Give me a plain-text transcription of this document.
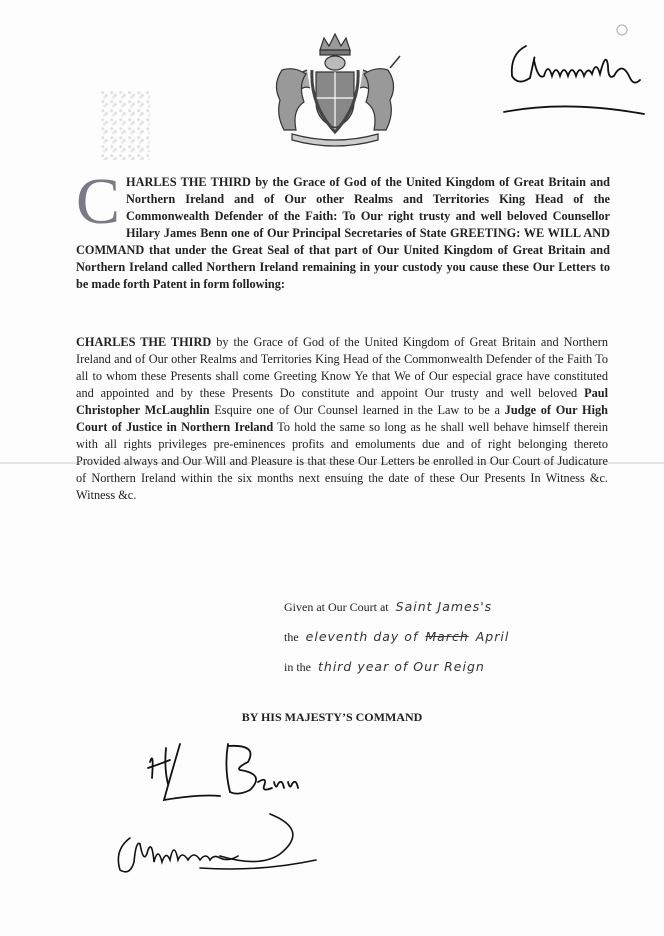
CHARLES THE THIRD by the Grace of God of the United Kingdom of Great Britain and Northern Ireland and of Our other Realms and Territories King Head of the Commonwealth Defender of the Faith: To Our right trusty and well beloved Counsellor Hilary James Benn one of Our Principal Secretaries of State GREETING: WE WILL AND COMMAND that under the Great Seal of that part of Our United Kingdom of Great Britain and Northern Ireland called Northern Ireland remaining in your custody you cause these Our Letters to be made forth Patent in form following:
CHARLES THE THIRD by the Grace of God of the United Kingdom of Great Britain and Northern Ireland and of Our other Realms and Territories King Head of the Commonwealth Defender of the Faith To all to whom these Presents shall come Greeting Know Ye that We of Our especial grace have constituted and appointed and by these Presents Do constitute and appoint Our trusty and well beloved Paul Christopher McLaughlin Esquire one of Our Counsel learned in the Law to be a Judge of Our High Court of Justice in Northern Ireland To hold the same so long as he shall well behave himself therein with all rights privileges pre-eminences profits and emoluments due and of right belonging thereto Provided always and Our Will and Pleasure is that these Our Letters be enrolled in Our Court of Judicature of Northern Ireland within the six months next ensuing the date of these Our Presents In Witness &c. Witness &c.
Given at Our Court at Saint James's
the eleventh day of March April
in the third year of Our Reign
BY HIS MAJESTY’S COMMAND
